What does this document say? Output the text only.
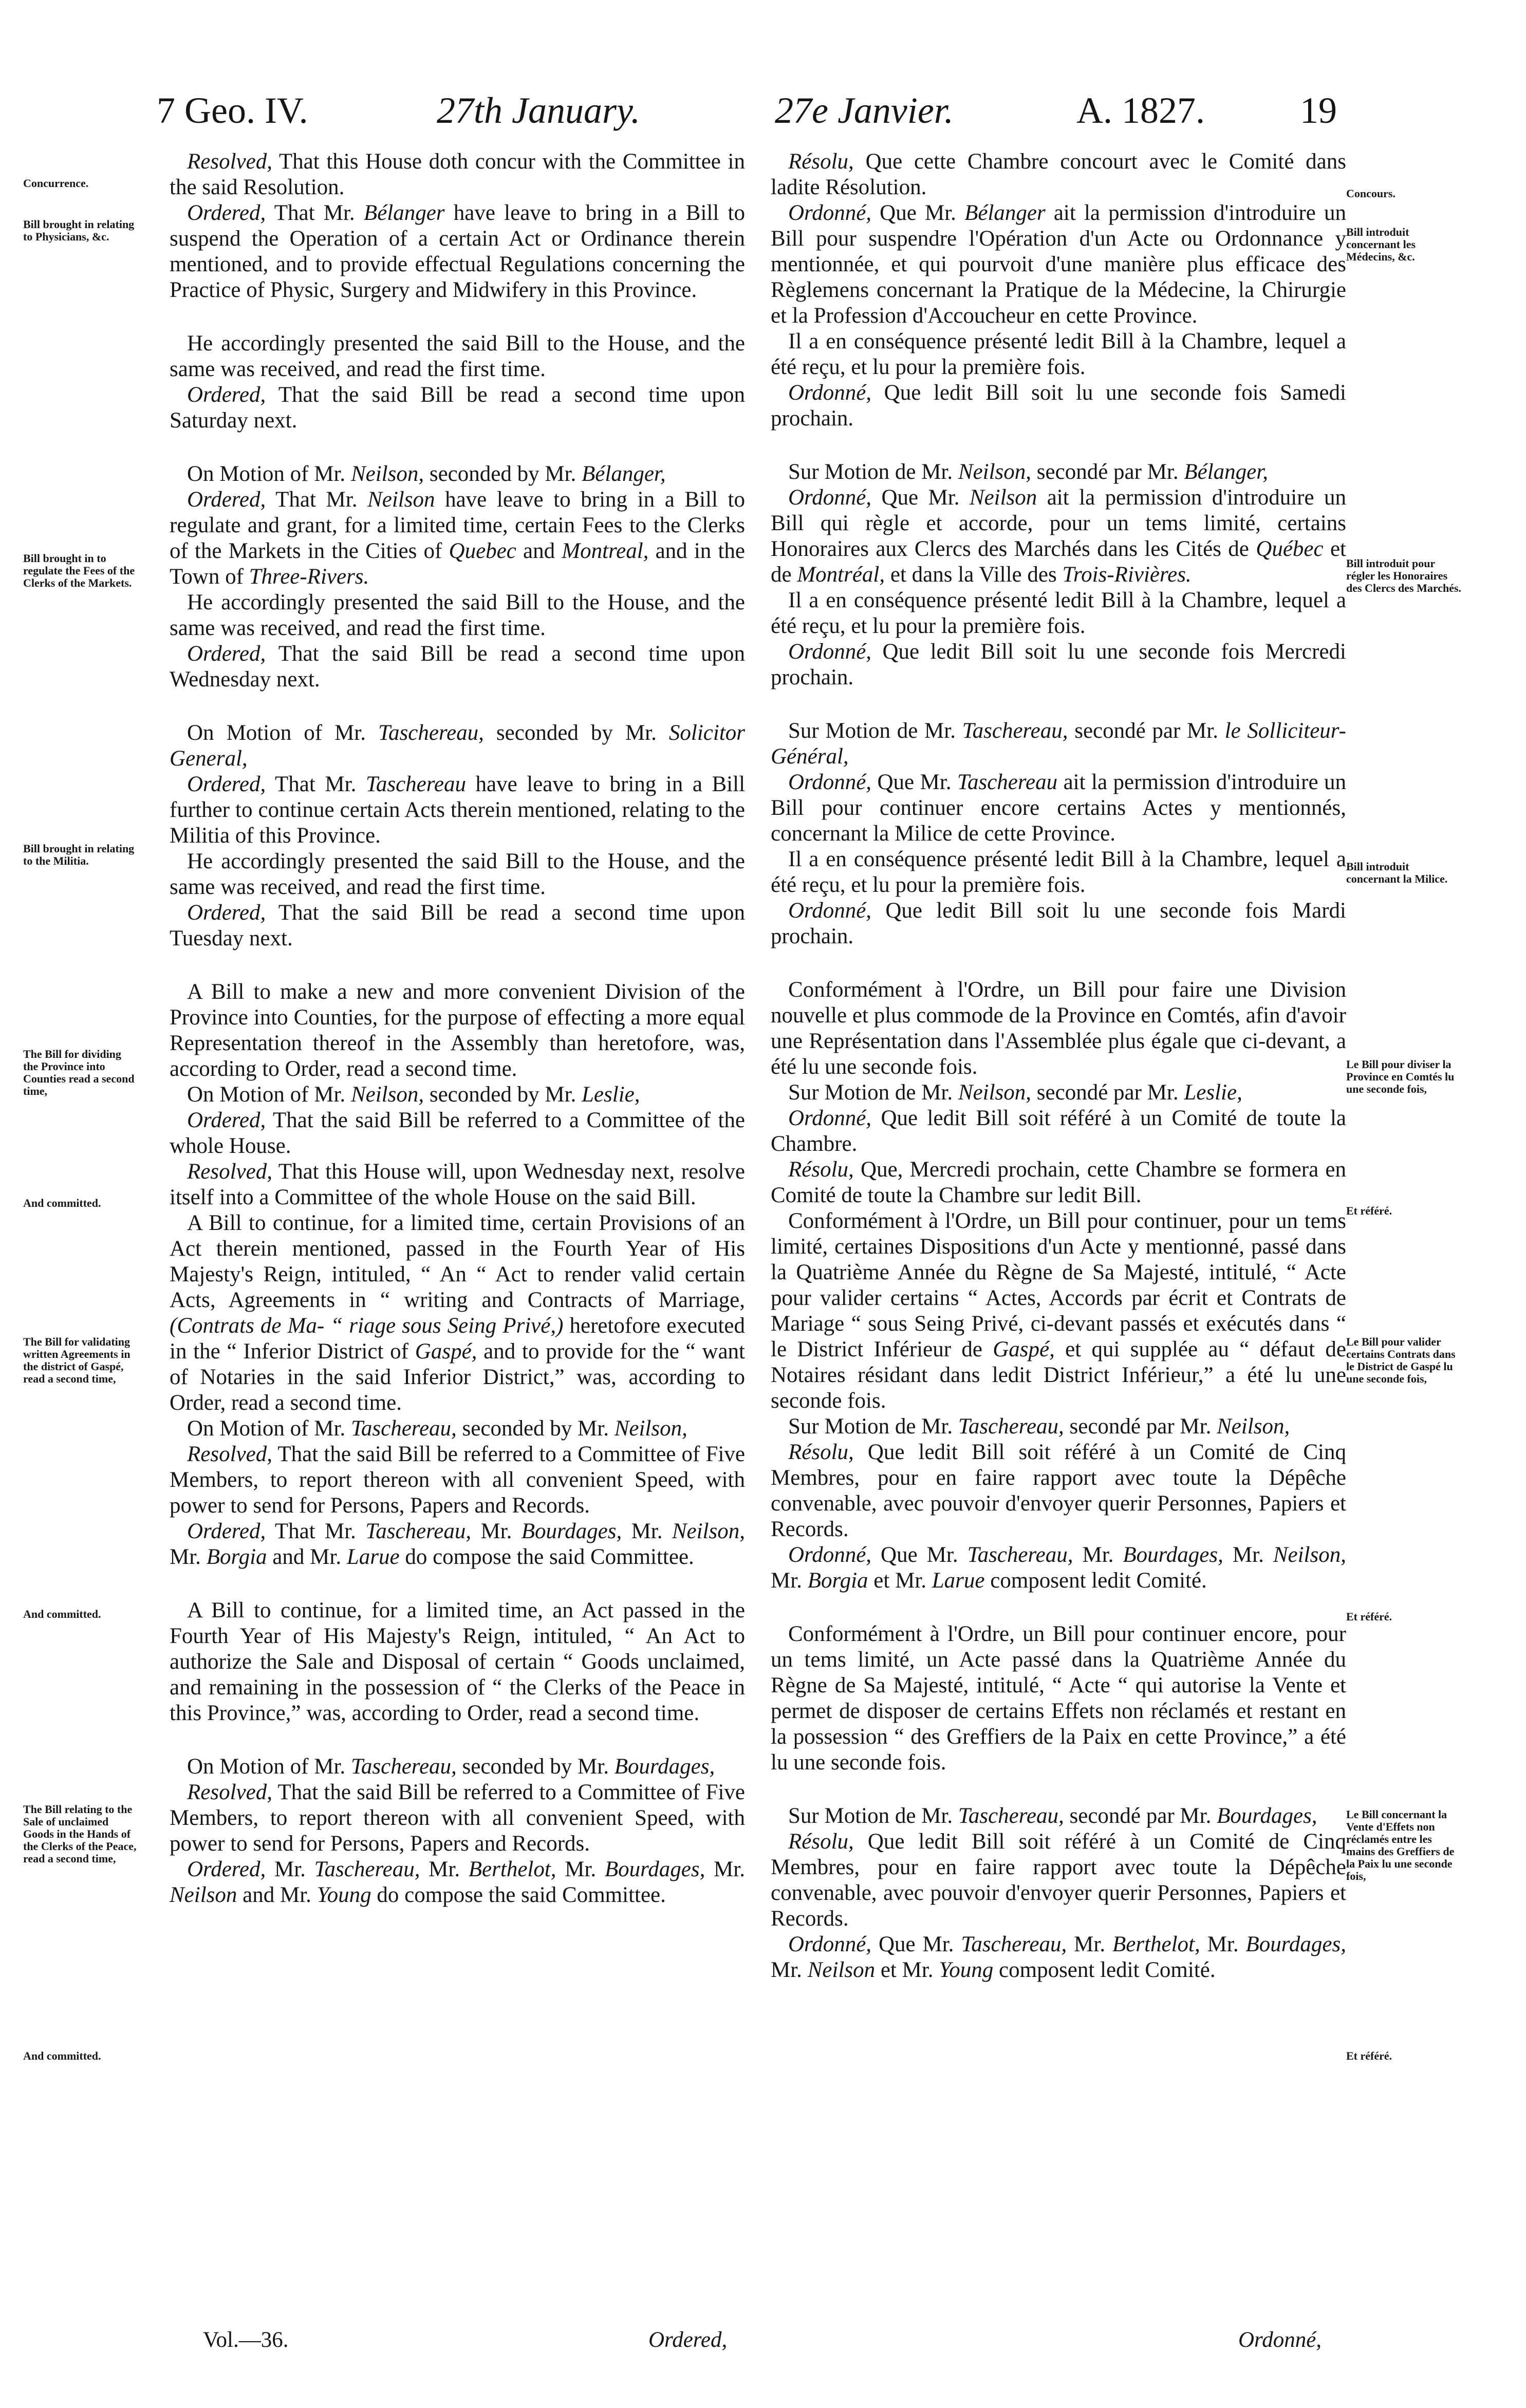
7 Geo. IV.	27th January.	27e Janvier.	A. 1827.	19
Concurrence.
Bill brought in relating to Physicians, &c.
Bill brought in to regulate the Fees of the Clerks of the Markets.
Bill brought in relating to the Militia.
The Bill for dividing the Province into Counties read a second time,
And committed.
The Bill for validating written Agreements in the district of Gaspé, read a second time,
And committed.
The Bill relating to the Sale of unclaimed Goods in the Hands of the Clerks of the Peace, read a second time,
And committed.
Concours.
Bill introduit concernant les Médecins, &c.
Bill introduit pour régler les Honoraires des Clercs des Marchés.
Bill introduit concernant la Milice.
Le Bill pour diviser la Province en Comtés lu une seconde fois,
Et référé.
Le Bill pour valider certains Contrats dans le District de Gaspé lu une seconde fois,
Et référé.
Le Bill concernant la Vente d'Effets non réclamés entre les mains des Greffiers de la Paix lu une seconde fois,
Et référé.

Resolved, That this House doth concur with the Committee in the said Resolution.

Ordered, That Mr. Bélanger have leave to bring in a Bill to suspend the Operation of a certain Act or Ordinance therein mentioned, and to provide effectual Regulations concerning the Practice of Physic, Surgery and Midwifery in this Province.

He accordingly presented the said Bill to the House, and the same was received, and read the first time.

Ordered, That the said Bill be read a second time upon Saturday next.

On Motion of Mr. Neilson, seconded by Mr. Bélanger,

Ordered, That Mr. Neilson have leave to bring in a Bill to regulate and grant, for a limited time, certain Fees to the Clerks of the Markets in the Cities of Quebec and Montreal, and in the Town of Three-Rivers.

He accordingly presented the said Bill to the House, and the same was received, and read the first time.

Ordered, That the said Bill be read a second time upon Wednesday next.

On Motion of Mr. Taschereau, seconded by Mr. Solicitor General,

Ordered, That Mr. Taschereau have leave to bring in a Bill further to continue certain Acts therein mentioned, relating to the Militia of this Province.

He accordingly presented the said Bill to the House, and the same was received, and read the first time.

Ordered, That the said Bill be read a second time upon Tuesday next.

A Bill to make a new and more convenient Division of the Province into Counties, for the purpose of effecting a more equal Representation thereof in the Assembly than heretofore, was, according to Order, read a second time.

On Motion of Mr. Neilson, seconded by Mr. Leslie,

Ordered, That the said Bill be referred to a Committee of the whole House.

Resolved, That this House will, upon Wednesday next, resolve itself into a Committee of the whole House on the said Bill.

A Bill to continue, for a limited time, certain Provisions of an Act therein mentioned, passed in the Fourth Year of His Majesty's Reign, intituled, “ An “ Act to render valid certain Acts, Agreements in “ writing and Contracts of Marriage, (Contrats de Ma- “ riage sous Seing Privé,) heretofore executed in the “ Inferior District of Gaspé, and to provide for the “ want of Notaries in the said Inferior District,” was, according to Order, read a second time.

On Motion of Mr. Taschereau, seconded by Mr. Neilson,

Resolved, That the said Bill be referred to a Committee of Five Members, to report thereon with all convenient Speed, with power to send for Persons, Papers and Records.

Ordered, That Mr. Taschereau, Mr. Bourdages, Mr. Neilson, Mr. Borgia and Mr. Larue do compose the said Committee.

A Bill to continue, for a limited time, an Act passed in the Fourth Year of His Majesty's Reign, intituled, “ An Act to authorize the Sale and Disposal of certain “ Goods unclaimed, and remaining in the possession of “ the Clerks of the Peace in this Province,” was, according to Order, read a second time.

On Motion of Mr. Taschereau, seconded by Mr. Bourdages,

Resolved, That the said Bill be referred to a Committee of Five Members, to report thereon with all convenient Speed, with power to send for Persons, Papers and Records.

Ordered, Mr. Taschereau, Mr. Berthelot, Mr. Bourdages, Mr. Neilson and Mr. Young do compose the said Committee.

Résolu, Que cette Chambre concourt avec le Comité dans ladite Résolution.

Ordonné, Que Mr. Bélanger ait la permission d'introduire un Bill pour suspendre l'Opération d'un Acte ou Ordonnance y mentionnée, et qui pourvoit d'une manière plus efficace des Règlemens concernant la Pratique de la Médecine, la Chirurgie et la Profession d'Accoucheur en cette Province.

Il a en conséquence présenté ledit Bill à la Chambre, lequel a été reçu, et lu pour la première fois.

Ordonné, Que ledit Bill soit lu une seconde fois Samedi prochain.

Sur Motion de Mr. Neilson, secondé par Mr. Bélanger,

Ordonné, Que Mr. Neilson ait la permission d'introduire un Bill qui règle et accorde, pour un tems limité, certains Honoraires aux Clercs des Marchés dans les Cités de Québec et de Montréal, et dans la Ville des Trois-Rivières.

Il a en conséquence présenté ledit Bill à la Chambre, lequel a été reçu, et lu pour la première fois.

Ordonné, Que ledit Bill soit lu une seconde fois Mercredi prochain.

Sur Motion de Mr. Taschereau, secondé par Mr. le Solliciteur-Général,

Ordonné, Que Mr. Taschereau ait la permission d'introduire un Bill pour continuer encore certains Actes y mentionnés, concernant la Milice de cette Province.

Il a en conséquence présenté ledit Bill à la Chambre, lequel a été reçu, et lu pour la première fois.

Ordonné, Que ledit Bill soit lu une seconde fois Mardi prochain.

Conformément à l'Ordre, un Bill pour faire une Division nouvelle et plus commode de la Province en Comtés, afin d'avoir une Représentation dans l'Assemblée plus égale que ci-devant, a été lu une seconde fois.

Sur Motion de Mr. Neilson, secondé par Mr. Leslie,

Ordonné, Que ledit Bill soit référé à un Comité de toute la Chambre.

Résolu, Que, Mercredi prochain, cette Chambre se formera en Comité de toute la Chambre sur ledit Bill.

Conformément à l'Ordre, un Bill pour continuer, pour un tems limité, certaines Dispositions d'un Acte y mentionné, passé dans la Quatrième Année du Règne de Sa Majesté, intitulé, “ Acte pour valider certains “ Actes, Accords par écrit et Contrats de Mariage “ sous Seing Privé, ci-devant passés et exécutés dans “ le District Inférieur de Gaspé, et qui supplée au “ défaut de Notaires résidant dans ledit District Inférieur,” a été lu une seconde fois.

Sur Motion de Mr. Taschereau, secondé par Mr. Neilson,

Résolu, Que ledit Bill soit référé à un Comité de Cinq Membres, pour en faire rapport avec toute la Dépêche convenable, avec pouvoir d'envoyer querir Personnes, Papiers et Records.

Ordonné, Que Mr. Taschereau, Mr. Bourdages, Mr. Neilson, Mr. Borgia et Mr. Larue composent ledit Comité.

Conformément à l'Ordre, un Bill pour continuer encore, pour un tems limité, un Acte passé dans la Quatrième Année du Règne de Sa Majesté, intitulé, “ Acte “ qui autorise la Vente et permet de disposer de certains Effets non réclamés et restant en la possession “ des Greffiers de la Paix en cette Province,” a été lu une seconde fois.

Sur Motion de Mr. Taschereau, secondé par Mr. Bourdages,

Résolu, Que ledit Bill soit référé à un Comité de Cinq Membres, pour en faire rapport avec toute la Dépêche convenable, avec pouvoir d'envoyer querir Personnes, Papiers et Records.

Ordonné, Que Mr. Taschereau, Mr. Berthelot, Mr. Bourdages, Mr. Neilson et Mr. Young composent ledit Comité.

Vol.—36.	Ordered,	Ordonné,
